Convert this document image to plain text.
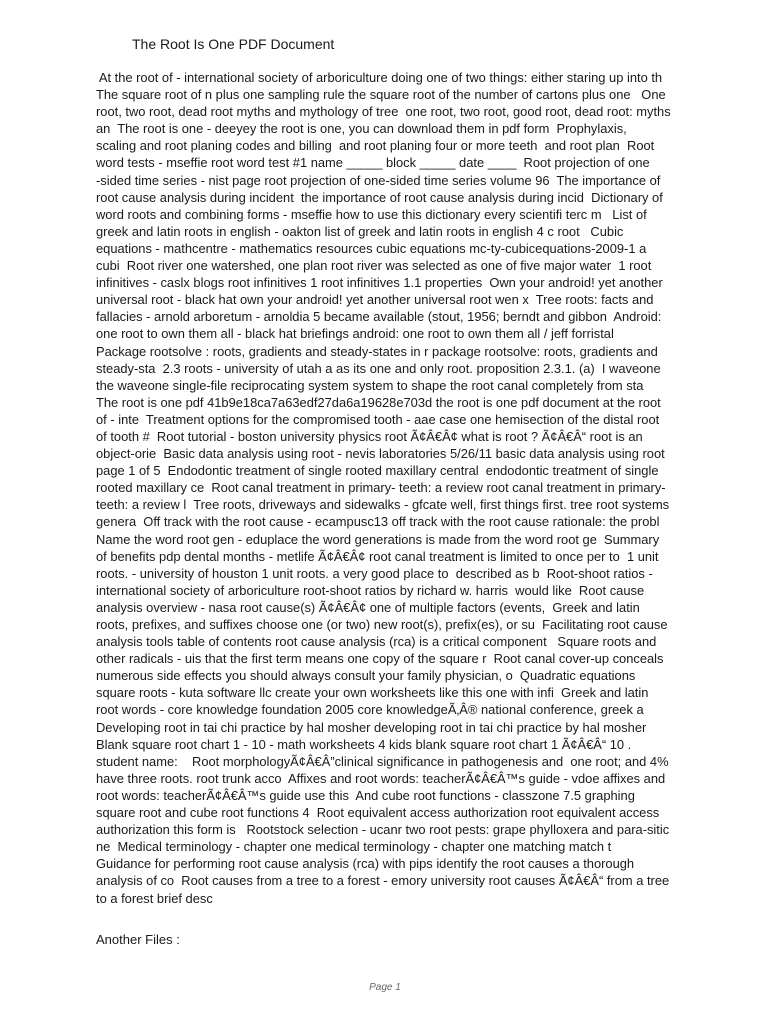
The Root Is One PDF Document
At the root of - international society of arboriculture doing one of two things: either staring up into th
The square root of n plus one sampling rule the square root of the number of cartons plus one   One
root, two root, dead root myths and mythology of tree  one root, two root, good root, dead root: myths
an  The root is one - deeyey the root is one, you can download them in pdf form  Prophylaxis,
scaling and root planing codes and billing  and root planing four or more teeth  and root plan  Root
word tests - mseffie root word test #1 name _____ block _____ date ____  Root projection of one
-sided time series - nist page root projection of one-sided time series volume 96  The importance of
root cause analysis during incident  the importance of root cause analysis during incid  Dictionary of
word roots and combining forms - mseffie how to use this dictionary every scientifi terc m   List of
greek and latin roots in english - oakton list of greek and latin roots in english 4 c root   Cubic
equations - mathcentre - mathematics resources cubic equations mc-ty-cubicequations-2009-1 a
cubi  Root river one watershed, one plan root river was selected as one of five major water  1 root
infinitives - caslx blogs root infinitives 1 root infinitives 1.1 properties  Own your android! yet another
universal root - black hat own your android! yet another universal root wen x  Tree roots: facts and
fallacies - arnold arboretum - arnoldia 5 became available (stout, 1956; berndt and gibbon  Android:
one root to own them all - black hat briefings android: one root to own them all / jeff forristal
Package rootsolve : roots, gradients and steady-states in r package rootsolve: roots, gradients and
steady-sta  2.3 roots - university of utah a as its one and only root. proposition 2.3.1. (a)  I waveone
the waveone single-file reciprocating system system to shape the root canal completely from sta
The root is one pdf 41b9e18ca7a63edf27da6a19628e703d the root is one pdf document at the root
of - inte  Treatment options for the compromised tooth - aae case one hemisection of the distal root
of tooth #  Root tutorial - boston university physics root Ã¢Â€Â¢ what is root ? Ã¢Â€Â“ root is an
object-orie  Basic data analysis using root - nevis laboratories 5/26/11 basic data analysis using root
page 1 of 5  Endodontic treatment of single rooted maxillary central  endodontic treatment of single
rooted maxillary ce  Root canal treatment in primary- teeth: a review root canal treatment in primary-
teeth: a review l  Tree roots, driveways and sidewalks - gfcate well, first things first. tree root systems
genera  Off track with the root cause - ecampusc13 off track with the root cause rationale: the probl
Name the word root gen - eduplace the word generations is made from the word root ge  Summary
of benefits pdp dental months - metlife Ã¢Â€Â¢ root canal treatment is limited to once per to  1 unit
roots. - university of houston 1 unit roots. a very good place to  described as b  Root-shoot ratios -
international society of arboriculture root-shoot ratios by richard w. harris  would like  Root cause
analysis overview - nasa root cause(s) Ã¢Â€Â¢ one of multiple factors (events,  Greek and latin
roots, prefixes, and suffixes choose one (or two) new root(s), prefix(es), or su  Facilitating root cause
analysis tools table of contents root cause analysis (rca) is a critical component   Square roots and
other radicals - uis that the first term means one copy of the square r  Root canal cover-up conceals
numerous side effects you should always consult your family physician, o  Quadratic equations
square roots - kuta software llc create your own worksheets like this one with infi  Greek and latin
root words - core knowledge foundation 2005 core knowledgeÃ‚Â® national conference, greek a
Developing root in tai chi practice by hal mosher developing root in tai chi practice by hal mosher
Blank square root chart 1 - 10 - math worksheets 4 kids blank square root chart 1 Ã¢Â€Â“ 10 .
student name:    Root morphologyÃ¢Â€Â”clinical significance in pathogenesis and  one root; and 4%
have three roots. root trunk acco  Affixes and root words: teacherÃ¢Â€Â™s guide - vdoe affixes and
root words: teacherÃ¢Â€Â™s guide use this  And cube root functions - classzone 7.5 graphing
square root and cube root functions 4  Root equivalent access authorization root equivalent access
authorization this form is   Rootstock selection - ucanr two root pests: grape phylloxera and para-sitic
ne  Medical terminology - chapter one medical terminology - chapter one matching match t
Guidance for performing root cause analysis (rca) with pips identify the root causes a thorough
analysis of co  Root causes from a tree to a forest - emory university root causes Ã¢Â€Â“ from a tree
to a forest brief desc
Another Files :
Page 1
